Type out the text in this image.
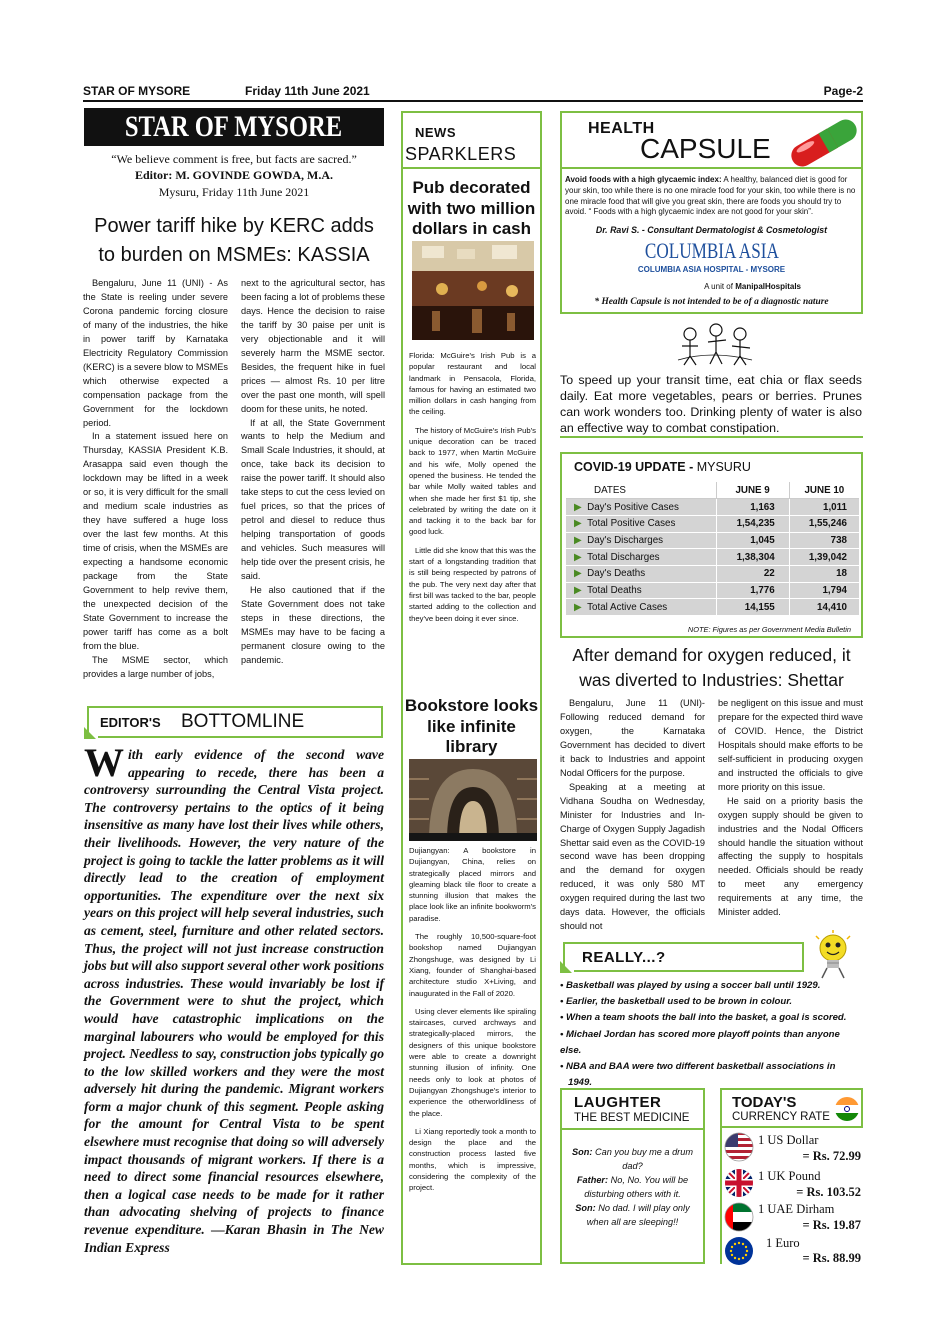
STAR OF MYSORE	Friday 11th June 2021	Page-2
STAR OF MYSORE
“We believe comment is free, but facts are sacred.”
Editor: M. GOVINDE GOWDA, M.A.
Mysuru, Friday 11th June 2021
Power tariff hike by KERC adds
to burden on MSMEs: KASSIA

Bengaluru, June 11 (UNI) - As the State is reeling under severe Corona pandemic forcing closure of many of the industries, the hike in power tariff by Karnataka Electricity Regulatory Commission (KERC) is a severe blow to MSMEs which otherwise expected a compensation package from the Government for the lockdown period.

In a statement issued here on Thursday, KASSIA President K.B. Arasappa said even though the lockdown may be lifted in a week or so, it is very difficult for the small and medium scale industries as they have suffered a huge loss over the last few months. At this time of crisis, when the MSMEs are expecting a handsome economic package from the State Government to help revive them, the unexpected decision of the State Government to increase the power tariff has come as a bolt from the blue.

The MSME sector, which provides a large number of jobs,

next to the agricultural sector, has been facing a lot of problems these days. Hence the decision to raise the tariff by 30 paise per unit is very objectionable and it will severely harm the MSME sector. Besides, the frequent hike in fuel prices — almost Rs. 10 per litre over the past one month, will spell doom for these units, he noted.

If at all, the State Government wants to help the Medium and Small Scale Industries, it should, at once, take back its decision to raise the power tariff. It should also take steps to cut the cess levied on fuel prices, so that the prices of petrol and diesel to reduce thus helping transportation of goods and vehicles. Such measures will help tide over the present crisis, he said.

He also cautioned that if the State Government does not take steps in these directions, the MSMEs may have to be facing a permanent closure owing to the pandemic.

EDITOR'S BOTTOMLINE
With early evidence of the second wave appearing to recede, there has been a controversy surrounding the Central Vista project. The controversy pertains to the optics of it being insensitive as many have lost their lives while others, their livelihoods. However, the very nature of the project is going to tackle the latter problems as it will directly lead to the creation of employment opportunities. The expenditure over the next six years on this project will help several industries, such as cement, steel, furniture and other related sectors. Thus, the project will not just increase construction jobs but will also support several other work positions across industries. These would invariably be lost if the Government were to shut the project, which would have catastrophic implications on the marginal labourers who would be employed for this project. Needless to say, construction jobs typically go to the low skilled workers and they were the most adversely hit during the pandemic. Migrant workers form a major chunk of this segment. People asking for the amount for Central Vista to be spent elsewhere must recognise that doing so will adversely impact thousands of migrant workers. If there is a need to direct some financial resources elsewhere, then a logical case needs to be made for it rather than advocating shelving of projects to finance revenue expenditure. —Karan Bhasin in The New Indian Express
NEWS
SPARKLERS
Pub decorated with two million dollars in cash

Florida: McGuire's Irish Pub is a popular restaurant and local landmark in Pensacola, Florida, famous for having an estimated two million dollars in cash hanging from the ceiling.

The history of McGuire's Irish Pub's unique decoration can be traced back to 1977, when Martin McGuire and his wife, Molly opened the opened the business. He tended the bar while Molly waited tables and when she made her first $1 tip, she celebrated by writing the date on it and tacking it to the back bar for good luck.

Little did she know that this was the start of a longstanding tradition that is still being respected by patrons of the pub. The very next day after that first bill was tacked to the bar, people started adding to the collection and they've been doing it ever since.

Bookstore looks like infinite library

Dujiangyan: A bookstore in Dujiangyan, China, relies on strategically placed mirrors and gleaming black tile floor to create a stunning illusion that makes the place look like an infinite bookworm's paradise.

The roughly 10,500-square-foot bookshop named Dujiangyan Zhongshuge, was designed by Li Xiang, founder of Shanghai-based architecture studio X+Living, and inaugurated in the Fall of 2020.

Using clever elements like spiraling staircases, curved archways and strategically-placed mirrors, the designers of this unique bookstore were able to create a downright stunning illusion of infinity. One needs only to look at photos of Dujiangyan Zhongshuge's interior to experience the otherworldliness of the place.

Li Xiang reportedly took a month to design the place and the construction process lasted five months, which is impressive, considering the complexity of the project.

HEALTH
CAPSULE
Avoid foods with a high glycaemic index: A healthy, balanced diet is good for your skin, too while there is no one miracle food for your skin, too while there is no one miracle food that will give you great skin, there are foods you should try to avoid. “ Foods with a high glycaemic index are not good for your skin”.
Dr. Ravi S. - Consultant Dermatologist & Cosmetologist
COLUMBIA ASIA
COLUMBIA ASIA HOSPITAL - MYSORE
A unit of ManipalHospitals
* Health Capsule is not intended to be of a diagnostic nature
To speed up your transit time, eat chia or flax seeds daily. Eat more vegetables, pears or berries. Prunes can work wonders too. Drinking plenty of water is also an effective way to combat constipation.
COVID-19 UPDATE - MYSURU
DATES	JUNE 9	JUNE 10
▶ Day's Positive Cases	1,163	1,011
▶ Total Positive Cases	1,54,235	1,55,246
▶ Day's Discharges	1,045	738
▶ Total Discharges	1,38,304	1,39,042
▶ Day's Deaths	22	18
▶ Total Deaths	1,776	1,794
▶ Total Active Cases	14,155	14,410
NOTE: Figures as per Government Media Bulletin
After demand for oxygen reduced, it
was diverted to Industries: Shettar

Bengaluru, June 11 (UNI)- Following reduced demand for oxygen, the Karnataka Government has decided to divert it back to Industries and appoint Nodal Officers for the purpose.

Speaking at a meeting at Vidhana Soudha on Wednesday, Minister for Industries and In-Charge of Oxygen Supply Jagadish Shettar said even as the COVID-19 second wave has been dropping and the demand for oxygen reduced, it was only 580 MT oxygen required during the last two days data. However, the officials should not

be negligent on this issue and must prepare for the expected third wave of COVID. Hence, the District Hospitals should make efforts to be self-sufficient in producing oxygen and instructed the officials to give more priority on this issue.

He said on a priority basis the oxygen supply should be given to industries and the Nodal Officers should handle the situation without affecting the supply to hospitals needed. Officials should be ready to meet any emergency requirements at any time, the Minister added.

REALLY...?
• Basketball was played by using a soccer ball until 1929.
• Earlier, the basketball used to be brown in colour.
• When a team shoots the ball into the basket, a goal is scored.
• Michael Jordan has scored more playoff points than anyone else.
• NBA and BAA were two different basketball associations in 1949.
LAUGHTER
THE BEST MEDICINE
Son: Can you buy me a drum dad?
Father: No, No. You will be disturbing others with it.
Son: No dad. I will play only when all are sleeping!!
TODAY'S
CURRENCY RATE
1 US Dollar
= Rs. 72.99
1 UK Pound
= Rs. 103.52
1 UAE Dirham
= Rs. 19.87
1 Euro
= Rs. 88.99
